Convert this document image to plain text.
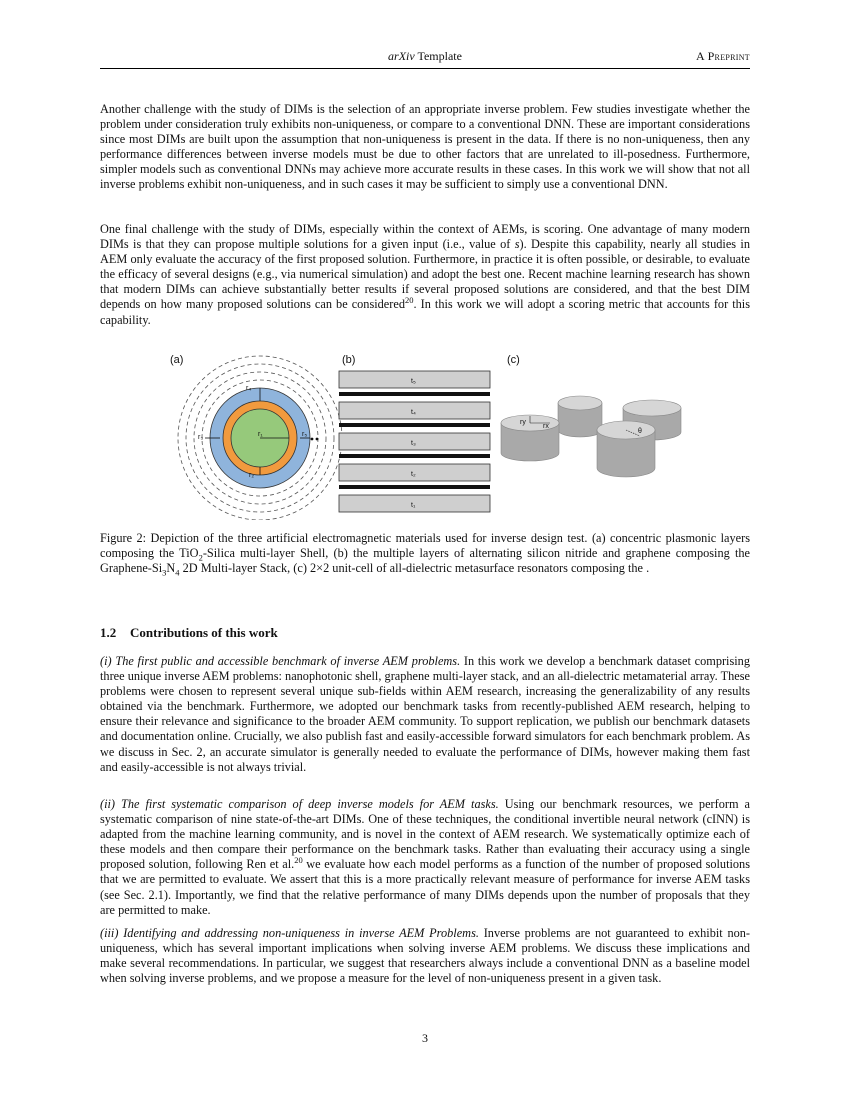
arXiv Template	A Preprint

Another challenge with the study of DIMs is the selection of an appropriate inverse problem. Few studies investigate whether the problem under consideration truly exhibits non-uniqueness, or compare to a conventional DNN. These are important considerations since most DIMs are built upon the assumption that non-uniqueness is present in the data. If there is no non-uniqueness, then any performance differences between inverse models must be due to other factors that are unrelated to ill-posedness. Furthermore, simpler models such as conventional DNNs may achieve more accurate results in these cases. In this work we will show that not all inverse problems exhibit non-uniqueness, and in such cases it may be sufficient to simply use a conventional DNN.

One final challenge with the study of DIMs, especially within the context of AEMs, is scoring. One advantage of many modern DIMs is that they can propose multiple solutions for a given input (i.e., value of s). Despite this capability, nearly all studies in AEM only evaluate the accuracy of the first proposed solution. Furthermore, in practice it is often possible, or desirable, to evaluate the efficacy of several designs (e.g., via numerical simulation) and adopt the best one. Recent machine learning research has shown that modern DIMs can achieve substantially better results if several proposed solutions are considered, and that the best DIM depends on how many proposed solutions can be considered$^{20}$. In this work we will adopt a scoring metric that accounts for this capability.

(a)
r₁
r₂
r₃
r₄
r₅
(b)
t₅
t₄
t₃
t₂
t₁
(c)
ry
rx
θ

Figure 2: Depiction of the three artificial electromagnetic materials used for inverse design test. (a) concentric plasmonic layers composing the TiO$_2$-Silica multi-layer Shell, (b) the multiple layers of alternating silicon nitride and graphene composing the Graphene-$Si_3N_4$ 2D Multi-layer Stack, (c) 2×2 unit-cell of all-dielectric metasurface resonators composing the .

1.2 Contributions of this work

(i) The first public and accessible benchmark of inverse AEM problems. In this work we develop a benchmark dataset comprising three unique inverse AEM problems: nanophotonic shell, graphene multi-layer stack, and an all-dielectric metamaterial array. These problems were chosen to represent several unique sub-fields within AEM research, increasing the generalizability of any results obtained via the benchmark. Furthermore, we adopted our benchmark tasks from recently-published AEM research, helping to ensure their relevance and significance to the broader AEM community. To support replication, we publish our benchmark datasets and documentation online. Crucially, we also publish fast and easily-accessible forward simulators for each benchmark problem. As we discuss in Sec. 2, an accurate simulator is generally needed to evaluate the performance of DIMs, however making them fast and easily-accessible is not always trivial.

(ii) The first systematic comparison of deep inverse models for AEM tasks. Using our benchmark resources, we perform a systematic comparison of nine state-of-the-art DIMs. One of these techniques, the conditional invertible neural network (cINN) is adapted from the machine learning community, and is novel in the context of AEM research. We systematically optimize each of these models and then compare their performance on the benchmark tasks. Rather than evaluating their accuracy using a single proposed solution, following Ren et al.$^{20}$ we evaluate how each model performs as a function of the number of proposed solutions that we are permitted to evaluate. We assert that this is a more practically relevant measure of performance for inverse AEM tasks (see Sec. 2.1). Importantly, we find that the relative performance of many DIMs depends upon the number of proposals that they are permitted to make.

(iii) Identifying and addressing non-uniqueness in inverse AEM Problems. Inverse problems are not guaranteed to exhibit non-uniqueness, which has several important implications when solving inverse AEM problems. We discuss these implications and make several recommendations. In particular, we suggest that researchers always include a conventional DNN as a baseline model when solving inverse problems, and we propose a measure for the level of non-uniqueness present in a given task.

3
